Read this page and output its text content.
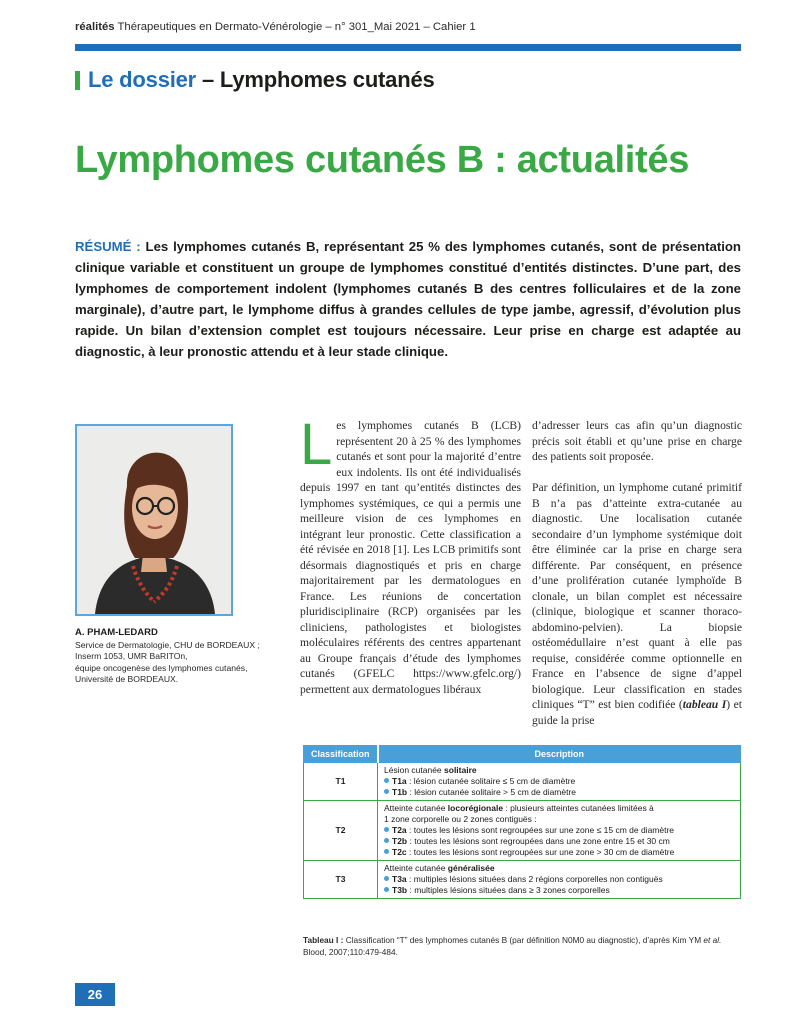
réalités Thérapeutiques en Dermato-Vénérologie – n° 301_Mai 2021 – Cahier 1
Le dossier – Lymphomes cutanés
Lymphomes cutanés B : actualités

RÉSUMÉ : Les lymphomes cutanés B, représentant 25 % des lymphomes cutanés, sont de présentation clinique variable et constituent un groupe de lymphomes constitué d’entités distinctes. D’une part, des lymphomes de comportement indolent (lymphomes cutanés B des centres folliculaires et de la zone marginale), d’autre part, le lymphome diffus à grandes cellules de type jambe, agressif, d’évolution plus rapide. Un bilan d’extension complet est toujours nécessaire. Leur prise en charge est adaptée au diagnostic, à leur pronostic attendu et à leur stade clinique.

A. PHAM-LEDARD
Service de Dermatologie, CHU de BORDEAUX ;
Inserm 1053, UMR BaRITOn,
équipe oncogenèse des lymphomes cutanés,
Université de BORDEAUX.

Les lymphomes cutanés B (LCB) représentent 20 à 25 % des lymphomes cutanés et sont pour la majorité d’entre eux indolents. Ils ont été individualisés depuis 1997 en tant qu’entités distinctes des lymphomes systémiques, ce qui a permis une meilleure vision de ces lymphomes en intégrant leur pronostic. Cette classification a été révisée en 2018 [1]. Les LCB primitifs sont désormais diagnostiqués et pris en charge majoritairement par les dermatologues en France. Les réunions de concertation pluridisciplinaire (RCP) organisées par les cliniciens, pathologistes et biologistes moléculaires référents des centres appartenant au Groupe français d’étude des lymphomes cutanés (GFELC https://www.gfelc.org/) permettent aux dermatologues libéraux

d’adresser leurs cas afin qu’un diagnostic précis soit établi et qu’une prise en charge des patients soit proposée.

Par définition, un lymphome cutané primitif B n’a pas d’atteinte extra-cutanée au diagnostic. Une localisation cutanée secondaire d’un lymphome systémique doit être éliminée car la prise en charge sera différente. Par conséquent, en présence d’une prolifération cutanée lymphoïde B clonale, un bilan complet est nécessaire (clinique, biologique et scanner thoraco-abdomino-pelvien). La biopsie ostéomédullaire n’est quant à elle pas requise, considérée comme optionnelle en France en l’absence de signe d’appel biologique. Leur classification en stades cliniques “T” est bien codifiée (tableau I) et guide la prise

Classification	Description
T1	Lésion cutanée solitaire
T1a : lésion cutanée solitaire ≤ 5 cm de diamètre
T1b : lésion cutanée solitaire > 5 cm de diamètre

T2	Atteinte cutanée locorégionale : plusieurs atteintes cutanées limitées à
1 zone corporelle ou 2 zones contiguës :
T2a : toutes les lésions sont regroupées sur une zone ≤ 15 cm de diamètre
T2b : toutes les lésions sont regroupées dans une zone entre 15 et 30 cm
T2c : toutes les lésions sont regroupées sur une zone > 30 cm de diamètre

T3	Atteinte cutanée généralisée
T3a : multiples lésions situées dans 2 régions corporelles non contiguës
T3b : multiples lésions situées dans ≥ 3 zones corporelles

Tableau I : Classification “T” des lymphomes cutanés B (par définition N0M0 au diagnostic), d’après Kim YM et al. Blood, 2007;110:479-484.

26
